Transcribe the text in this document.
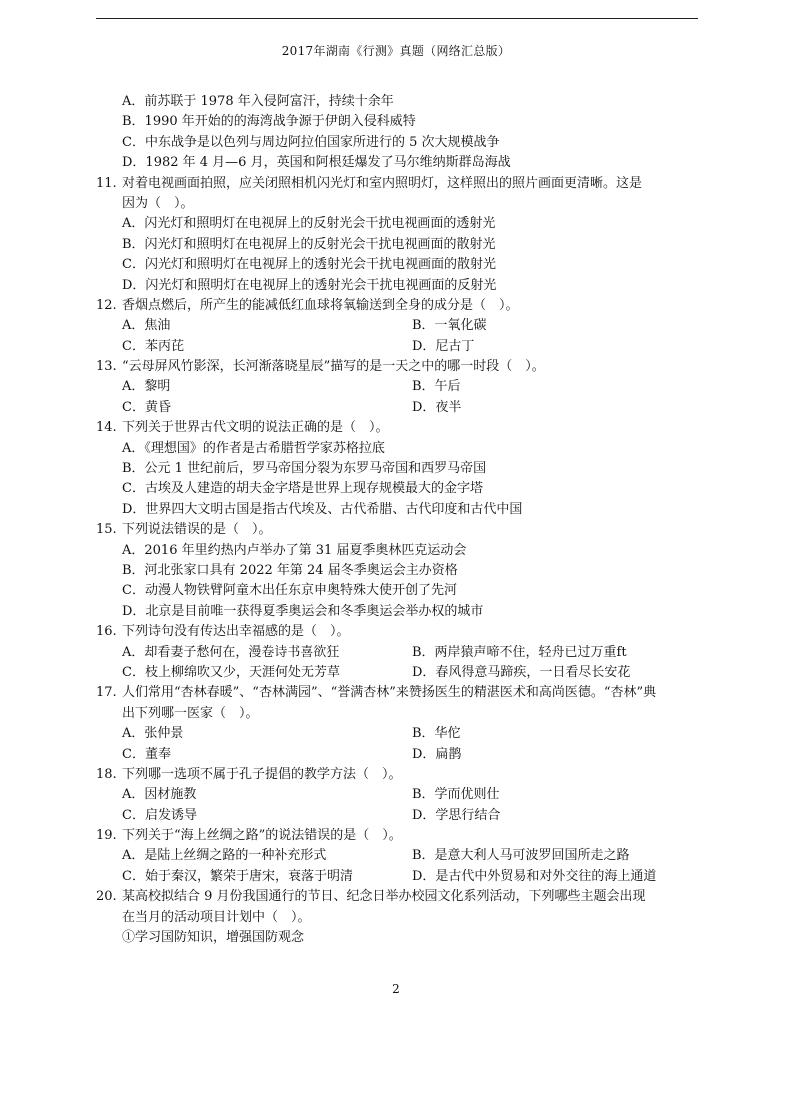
2017年湖南《行测》真题（网络汇总版）
A．前苏联于 1978 年入侵阿富汗，持续十余年
B．1990 年开始的的海湾战争源于伊朗入侵科威特
C．中东战争是以色列与周边阿拉伯国家所进行的 5 次大规模战争
D．1982 年 4 月—6 月，英国和阿根廷爆发了马尔维纳斯群岛海战
11. 对着电视画面拍照，应关闭照相机闪光灯和室内照明灯，这样照出的照片画面更清晰。这是
因为（　）。
A．闪光灯和照明灯在电视屏上的反射光会干扰电视画面的透射光
B．闪光灯和照明灯在电视屏上的反射光会干扰电视画面的散射光
C．闪光灯和照明灯在电视屏上的透射光会干扰电视画面的散射光
D．闪光灯和照明灯在电视屏上的透射光会干扰电视画面的反射光
12. 香烟点燃后，所产生的能减低红血球将氧输送到全身的成分是（　）。
A．焦油	B．一氧化碳
C．苯丙芘	D．尼古丁
13. “云母屏风竹影深，长河渐落晓星辰”描写的是一天之中的哪一时段（　）。
A．黎明	B．午后
C．黄昏	D．夜半
14. 下列关于世界古代文明的说法正确的是（　）。
A．《理想国》的作者是古希腊哲学家苏格拉底
B．公元 1 世纪前后，罗马帝国分裂为东罗马帝国和西罗马帝国
C．古埃及人建造的胡夫金字塔是世界上现存规模最大的金字塔
D．世界四大文明古国是指古代埃及、古代希腊、古代印度和古代中国
15. 下列说法错误的是（　）。
A．2016 年里约热内卢举办了第 31 届夏季奥林匹克运动会
B．河北张家口具有 2022 年第 24 届冬季奥运会主办资格
C．动漫人物铁臂阿童木出任东京申奥特殊大使开创了先河
D．北京是目前唯一获得夏季奥运会和冬季奥运会举办权的城市
16. 下列诗句没有传达出幸福感的是（　）。
A．却看妻子愁何在，漫卷诗书喜欲狂	B．两岸猿声啼不住，轻舟已过万重ft
C．枝上柳绵吹又少，天涯何处无芳草	D．春风得意马蹄疾，一日看尽长安花
17. 人们常用“杏林春暖”、“杏林满园”、“誉满杏林”来赞扬医生的精湛医术和高尚医德。“杏林”典
出下列哪一医家（　）。
A．张仲景	B．华佗
C．董奉	D．扁鹊
18. 下列哪一选项不属于孔子提倡的教学方法（　）。
A．因材施教	B．学而优则仕
C．启发诱导	D．学思行结合
19. 下列关于“海上丝绸之路”的说法错误的是（　）。
A．是陆上丝绸之路的一种补充形式	B．是意大利人马可波罗回国所走之路
C．始于秦汉，繁荣于唐宋，衰落于明清	D．是古代中外贸易和对外交往的海上通道
20. 某高校拟结合 9 月份我国通行的节日、纪念日举办校园文化系列活动，下列哪些主题会出现
在当月的活动项目计划中（　）。
①学习国防知识，增强国防观念
2
